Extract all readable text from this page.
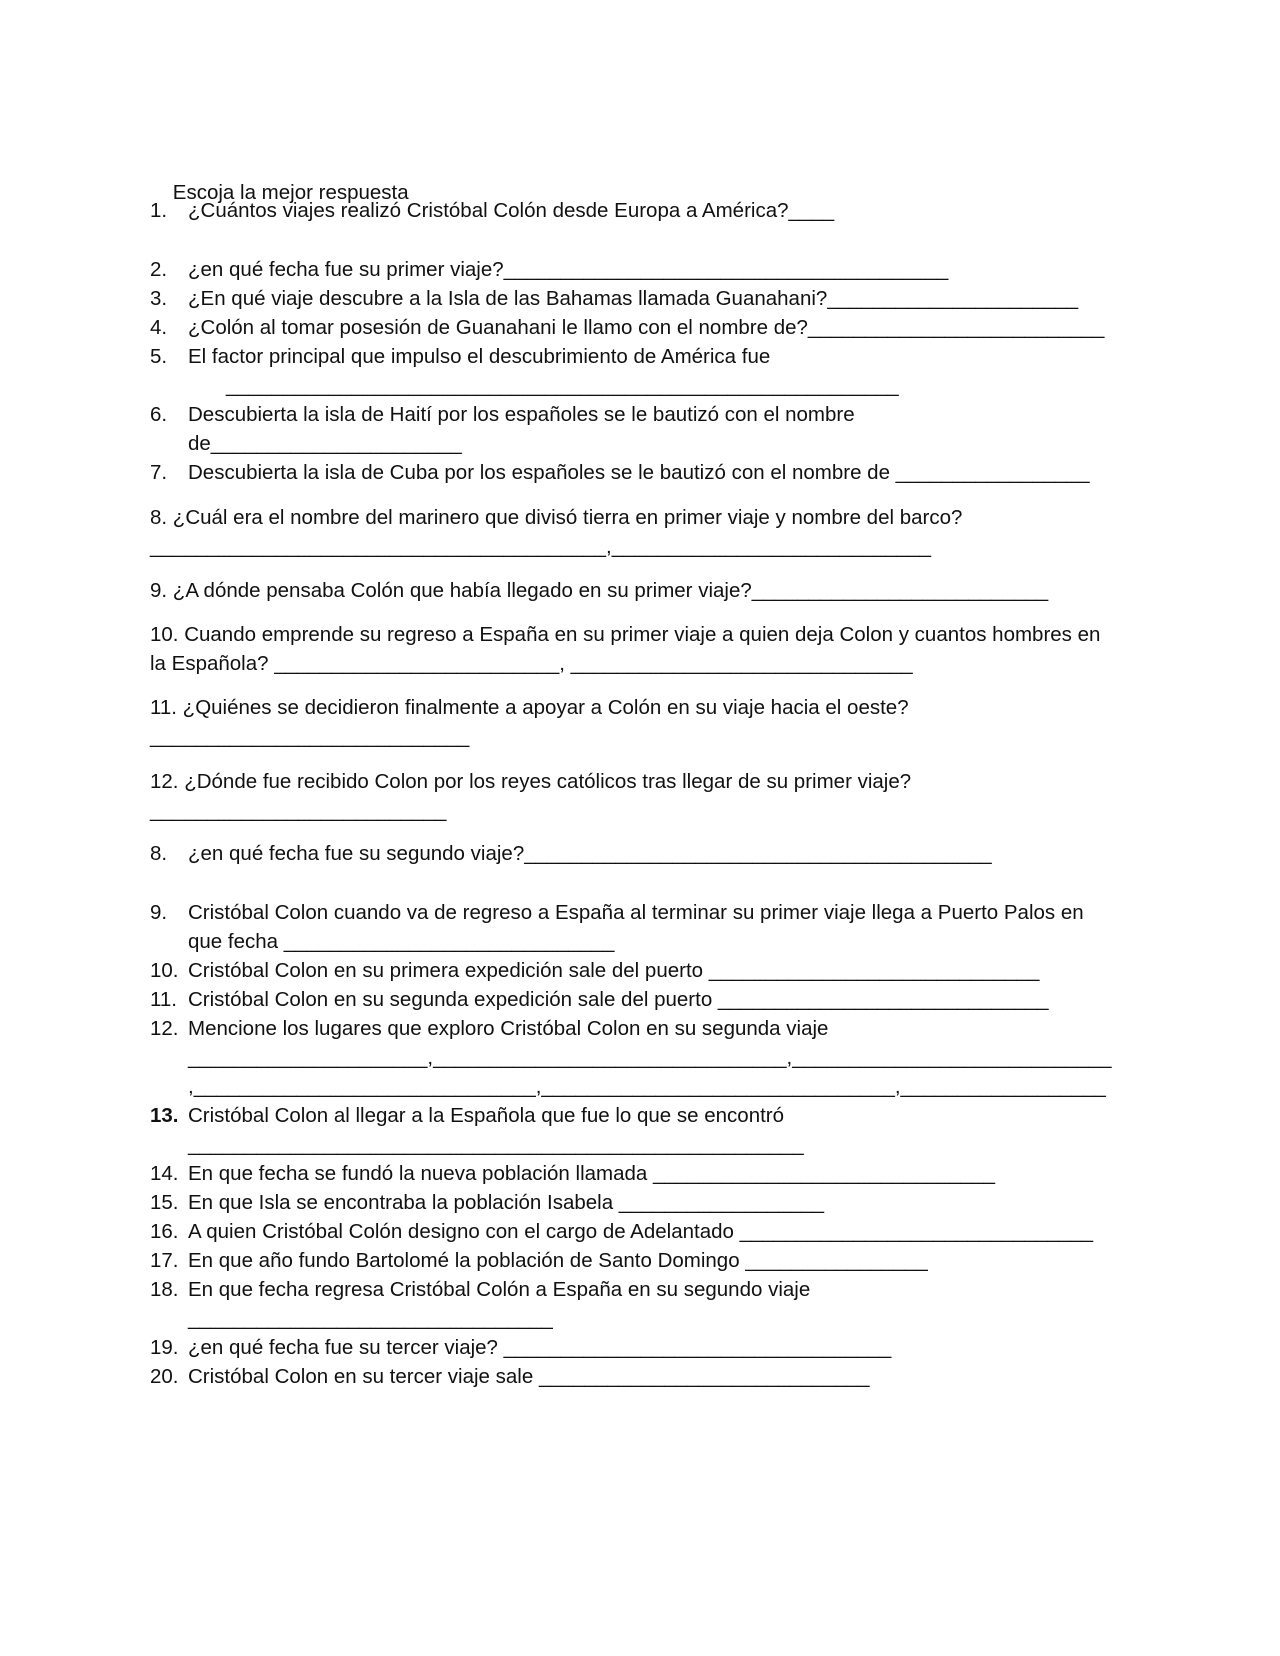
Escoja la mejor respuesta

1. ¿Cuántos viajes realizó Cristóbal Colón desde Europa a América?____
2. ¿en qué fecha fue su primer viaje?_______________________________________
3. ¿En qué viaje descubre a la Isla de las Bahamas llamada Guanahani?______________________
4. ¿Colón al tomar posesión de Guanahani le llamo con el nombre de?__________________________
5. El factor principal que impulso el descubrimiento de América fue
___________________________________________________________
6. Descubierta la isla de Haití por los españoles se le bautizó con el nombre
de______________________
7. Descubierta la isla de Cuba por los españoles se le bautizó con el nombre de _________________
8. ¿Cuál era el nombre del marinero que divisó tierra en primer viaje y nombre del barco?
________________________________________,____________________________
9. ¿A dónde pensaba Colón que había llegado en su primer viaje?__________________________
10. Cuando emprende su regreso a España en su primer viaje a quien deja Colon y cuantos hombres en
la Española? _________________________, ______________________________
11. ¿Quiénes se decidieron finalmente a apoyar a Colón en su viaje hacia el oeste?
____________________________
12. ¿Dónde fue recibido Colon por los reyes católicos tras llegar de su primer viaje?
__________________________
8. ¿en qué fecha fue su segundo viaje?_________________________________________
9. Cristóbal Colon cuando va de regreso a España al terminar su primer viaje llega a Puerto Palos en
que fecha _____________________________
10. Cristóbal Colon en su primera expedición sale del puerto _____________________________
11. Cristóbal Colon en su segunda expedición sale del puerto _____________________________
12. Mencione los lugares que exploro Cristóbal Colon en su segunda viaje
_____________________,_______________________________,____________________________
,______________________________,_______________________________,__________________
13. Cristóbal Colon al llegar a la Española que fue lo que se encontró
______________________________________________________
14. En que fecha se fundó la nueva población llamada ______________________________
15. En que Isla se encontraba la población Isabela __________________
16. A quien Cristóbal Colón designo con el cargo de Adelantado _______________________________
17. En que año fundo Bartolomé la población de Santo Domingo ________________
18. En que fecha regresa Cristóbal Colón a España en su segundo viaje
________________________________
19. ¿en qué fecha fue su tercer viaje? __________________________________
20. Cristóbal Colon en su tercer viaje sale _____________________________
